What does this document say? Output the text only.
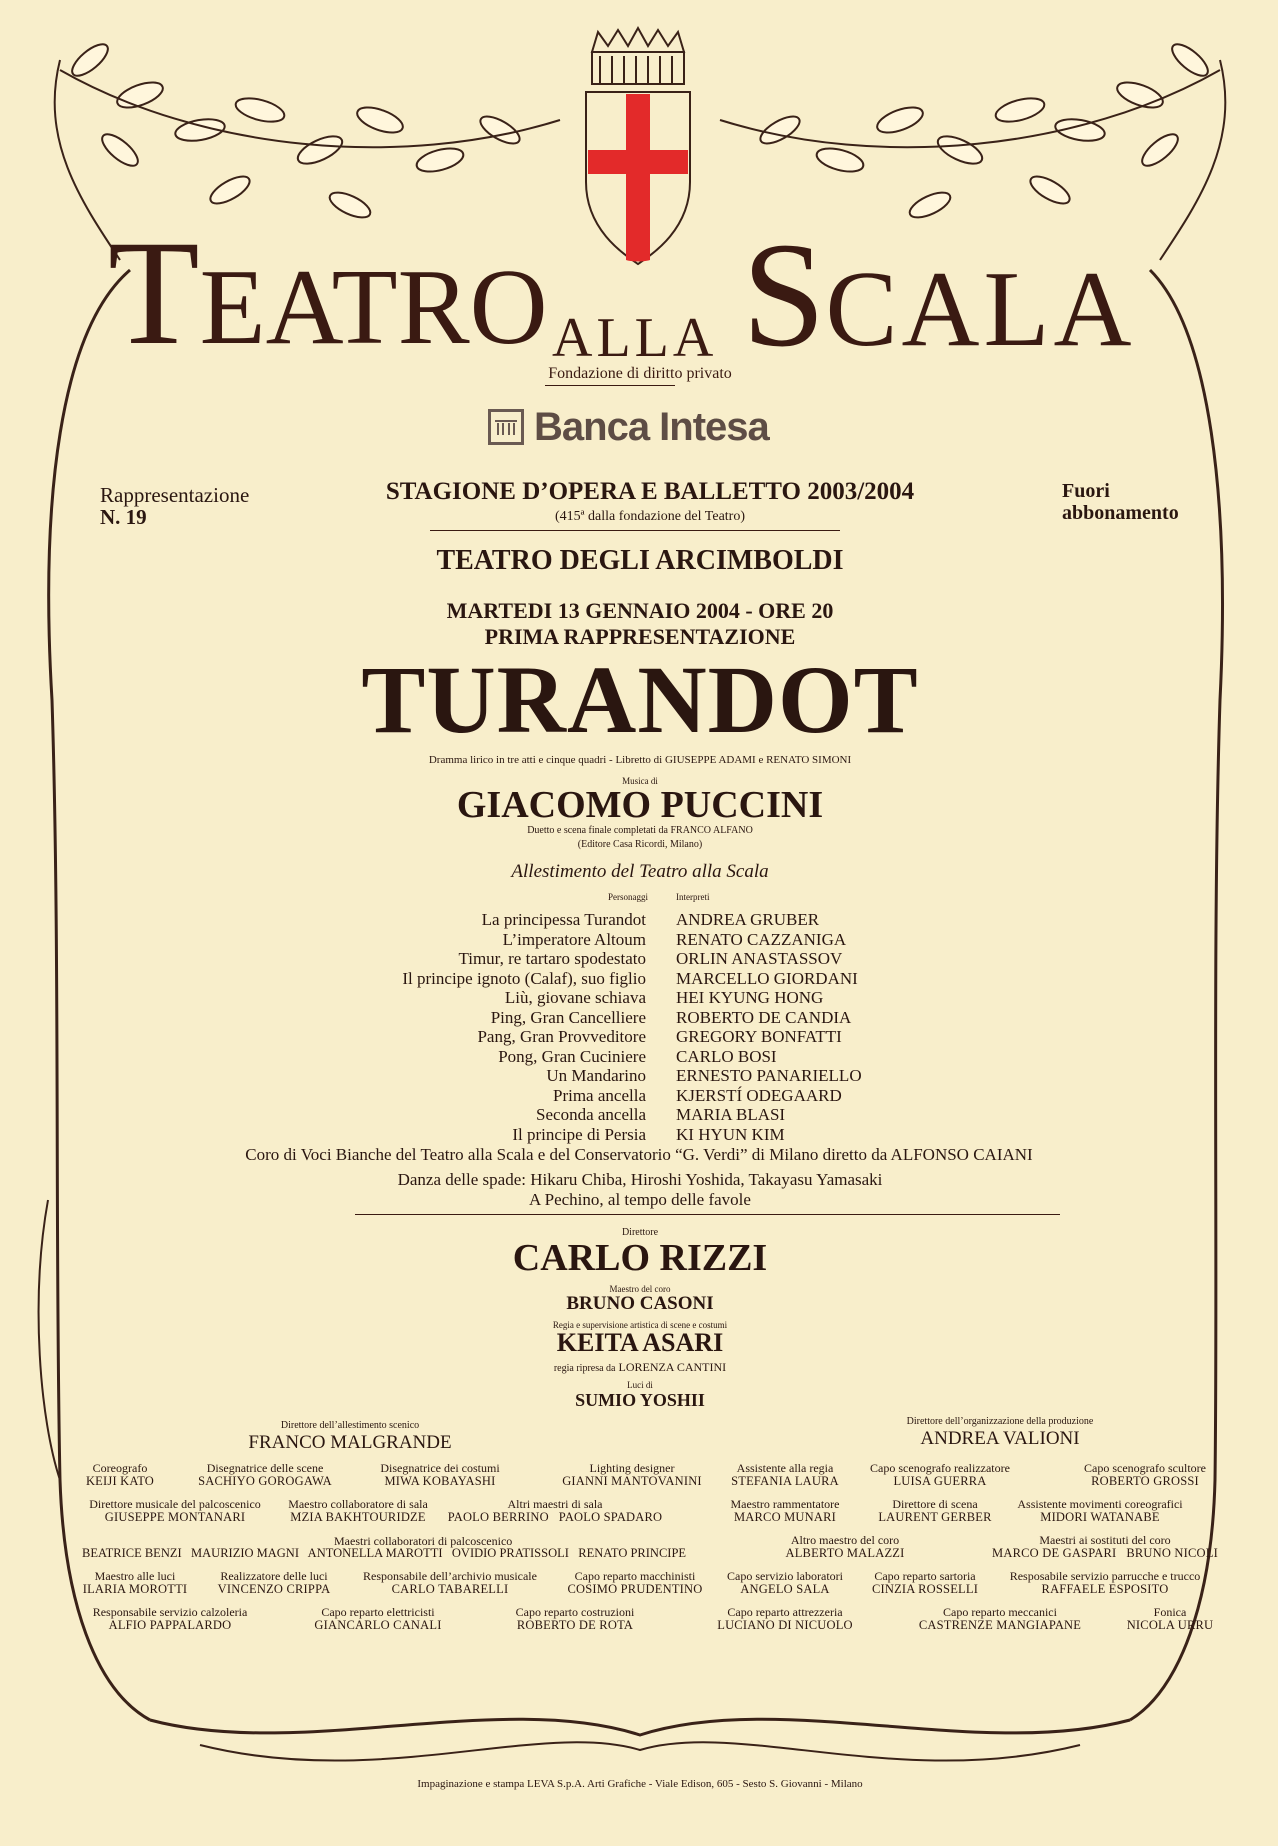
TEATRO ALLA SCALA
Fondazione di diritto privato
Banca Intesa
Rappresentazione
N. 19
Fuori
abbonamento
STAGIONE D’OPERA E BALLETTO 2003/2004
(415ª dalla fondazione del Teatro)
TEATRO DEGLI ARCIMBOLDI
MARTEDI 13 GENNAIO 2004 - ORE 20
PRIMA RAPPRESENTAZIONE
TURANDOT
Dramma lirico in tre atti e cinque quadri - Libretto di GIUSEPPE ADAMI e RENATO SIMONI
Musica di
GIACOMO PUCCINI
Duetto e scena finale completati da FRANCO ALFANO
(Editore Casa Ricordi, Milano)
Allestimento del Teatro alla Scala
Personaggi	Interpreti
La principessa Turandot ANDREA GRUBER
L’imperatore Altoum RENATO CAZZANIGA
Timur, re tartaro spodestato ORLIN ANASTASSOV
Il principe ignoto (Calaf), suo figlio MARCELLO GIORDANI
Liù, giovane schiava HEI KYUNG HONG
Ping, Gran Cancelliere ROBERTO DE CANDIA
Pang, Gran Provveditore GREGORY BONFATTI
Pong, Gran Cuciniere CARLO BOSI
Un Mandarino ERNESTO PANARIELLO
Prima ancella KJERSTÍ ODEGAARD
Seconda ancella MARIA BLASI
Il principe di Persia KI HYUN KIM
Coro di Voci Bianche del Teatro alla Scala e del Conservatorio “G. Verdi” di Milano diretto da ALFONSO CAIANI
Danza delle spade: Hikaru Chiba, Hiroshi Yoshida, Takayasu Yamasaki
A Pechino, al tempo delle favole
Direttore
CARLO RIZZI
Maestro del coro
BRUNO CASONI
Regia e supervisione artistica di scene e costumi
KEITA ASARI
regia ripresa da LORENZA CANTINI
Luci di
SUMIO YOSHII
Direttore dell’allestimento scenico
FRANCO MALGRANDE
Direttore dell’organizzazione della produzione
ANDREA VALIONI
Coreografo
KEIJI KATO
Disegnatrice delle scene
SACHIYO GOROGAWA
Disegnatrice dei costumi
MIWA KOBAYASHI
Lighting designer
GIANNI MANTOVANINI
Assistente alla regia
STEFANIA LAURA
Capo scenografo realizzatore
LUISA GUERRA
Capo scenografo scultore
ROBERTO GROSSI
Direttore musicale del palcoscenico
GIUSEPPE MONTANARI
Maestro collaboratore di sala
MZIA BAKHTOURIDZE
Altri maestri di sala
PAOLO BERRINO   PAOLO SPADARO
Maestro rammentatore
MARCO MUNARI
Direttore di scena
LAURENT GERBER
Assistente movimenti coreografici
MIDORI WATANABE
Altro maestro del coro
ALBERTO MALAZZI
Maestri ai sostituti del coro
MARCO DE GASPARI   BRUNO NICOLI
Maestro alle luci
ILARIA MOROTTI
Realizzatore delle luci
VINCENZO CRIPPA
Responsabile dell’archivio musicale
CARLO TABARELLI
Capo reparto macchinisti
COSIMO PRUDENTINO
Capo servizio laboratori
ANGELO SALA
Capo reparto sartoria
CINZIA ROSSELLI
Resposabile servizio parrucche e trucco
RAFFAELE ESPOSITO
Responsabile servizio calzoleria
ALFIO PAPPALARDO
Capo reparto elettricisti
GIANCARLO CANALI
Capo reparto costruzioni
ROBERTO DE ROTA
Capo reparto attrezzeria
LUCIANO DI NICUOLO
Capo reparto meccanici
CASTRENZE MANGIAPANE
Fonica
NICOLA URRU
Maestri collaboratori di palcoscenico
BEATRICE BENZI   MAURIZIO MAGNI   ANTONELLA MAROTTI   OVIDIO PRATISSOLI   RENATO PRINCIPE
Impaginazione e stampa LEVA S.p.A. Arti Grafiche - Viale Edison, 605 - Sesto S. Giovanni - Milano
